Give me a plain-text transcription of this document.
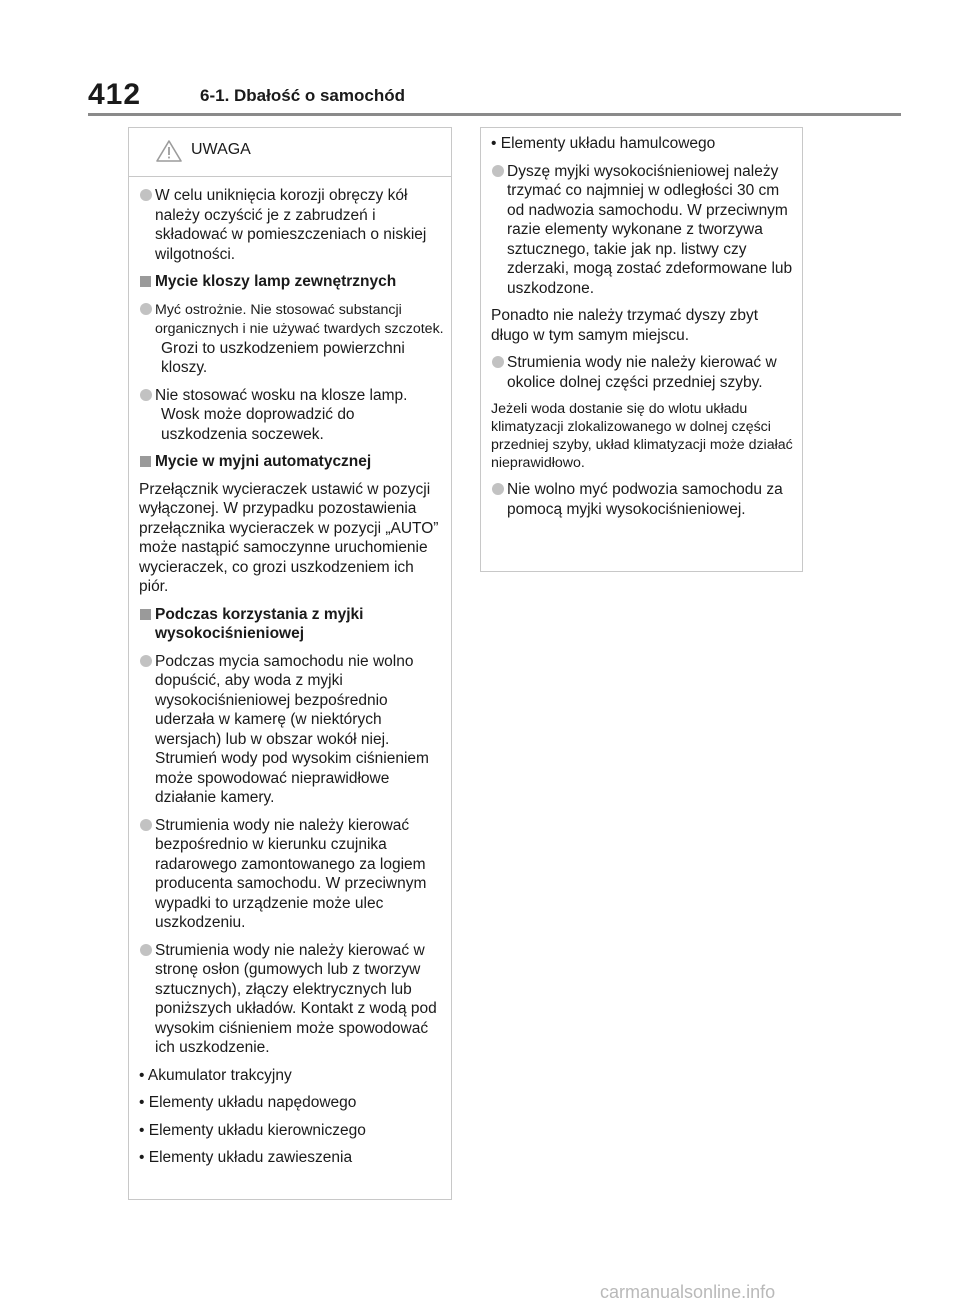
412	6-1. Dbałość o samochód
UWAGA
W celu uniknięcia korozji obręczy kół należy oczyścić je z zabrudzeń i składować w pomieszczeniach o niskiej wilgotności.
Mycie kloszy lamp zewnętrznych
Myć ostrożnie. Nie stosować substancji organicznych i nie używać twardych szczotek.
Grozi to uszkodzeniem powierzchni kloszy.
Nie stosować wosku na klosze lamp.
Wosk może doprowadzić do uszkodzenia soczewek.
Mycie w myjni automatycznej
Przełącznik wycieraczek ustawić w pozycji wyłączonej. W przypadku pozostawienia przełącznika wycieraczek w pozycji „AUTO” może nastąpić samoczynne uruchomienie wycieraczek, co grozi uszkodzeniem ich piór.
Podczas korzystania z myjki wysokociśnieniowej
Podczas mycia samochodu nie wolno dopuścić, aby woda z myjki wysokociśnieniowej bezpośrednio uderzała w kamerę (w niektórych wersjach) lub w obszar wokół niej. Strumień wody pod wysokim ciśnieniem może spowodować nieprawidłowe działanie kamery.
Strumienia wody nie należy kierować bezpośrednio w kierunku czujnika radarowego zamontowanego za logiem producenta samochodu. W przeciwnym wypadki to urządzenie może ulec uszkodzeniu.
Strumienia wody nie należy kierować w stronę osłon (gumowych lub z tworzyw sztucznych), złączy elektrycznych lub poniższych układów. Kontakt z wodą pod wysokim ciśnieniem może spowodować ich uszkodzenie.
• Akumulator trakcyjny
• Elementy układu napędowego
• Elementy układu kierowniczego
• Elementy układu zawieszenia
• Elementy układu hamulcowego
Dyszę myjki wysokociśnieniowej należy trzymać co najmniej w odległości 30 cm od nadwozia samochodu. W przeciwnym razie elementy wykonane z tworzywa sztucznego, takie jak np. listwy czy zderzaki, mogą zostać zdeformowane lub uszkodzone.
Ponadto nie należy trzymać dyszy zbyt długo w tym samym miejscu.
Strumienia wody nie należy kierować w okolice dolnej części przedniej szyby.
Jeżeli woda dostanie się do wlotu układu klimatyzacji zlokalizowanego w dolnej części przedniej szyby, układ klimatyzacji może działać nieprawidłowo.
Nie wolno myć podwozia samochodu za pomocą myjki wysokociśnieniowej.
carmanualsonline.info
